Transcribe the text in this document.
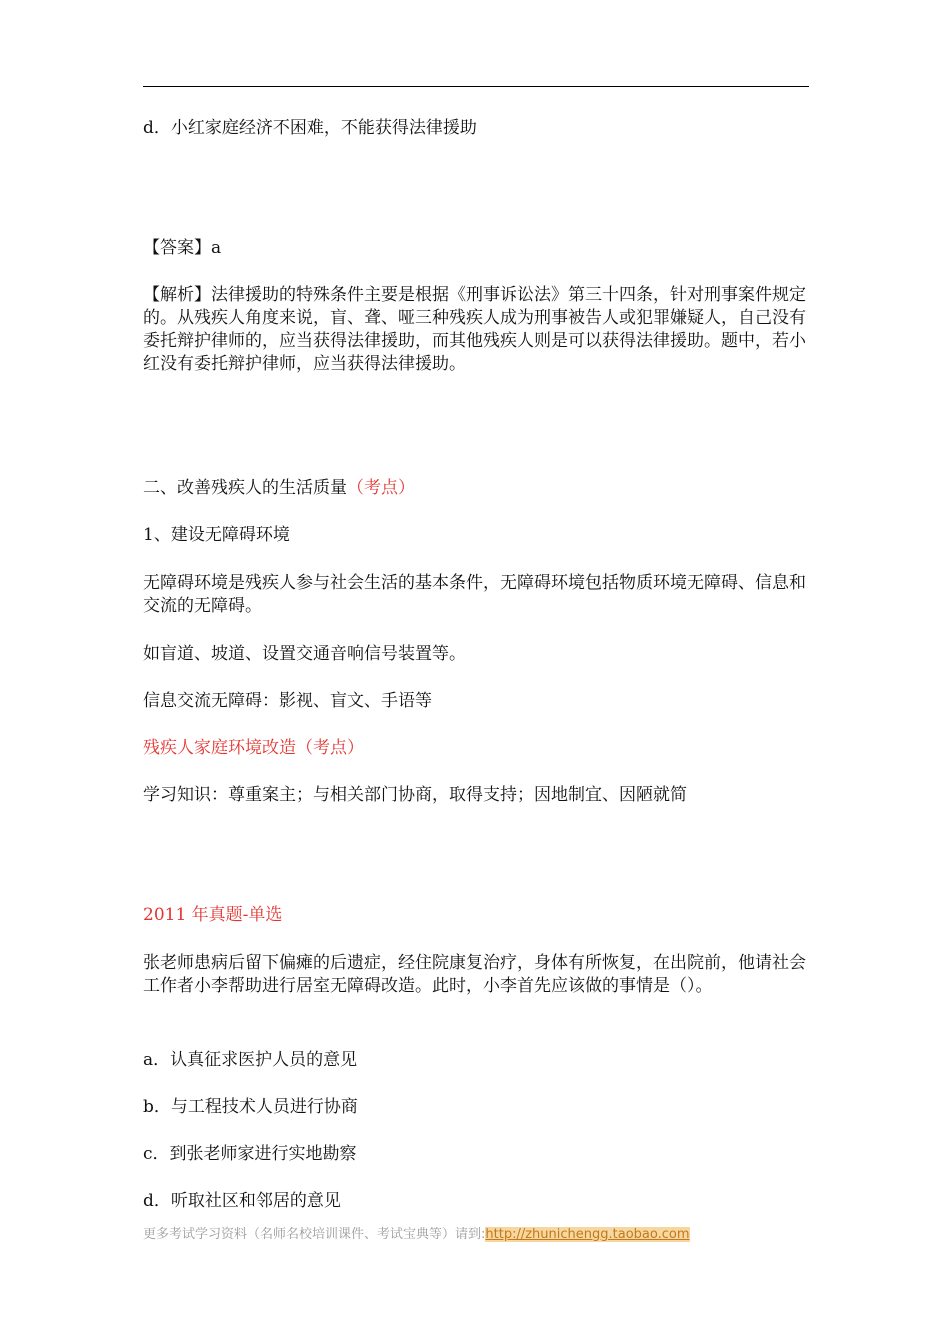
d．小红家庭经济不困难，不能获得法律援助
【答案】a
【解析】法律援助的特殊条件主要是根据《刑事诉讼法》第三十四条，针对刑事案件规定的。从残疾人角度来说，盲、聋、哑三种残疾人成为刑事被告人或犯罪嫌疑人，自己没有委托辩护律师的，应当获得法律援助，而其他残疾人则是可以获得法律援助。题中，若小红没有委托辩护律师，应当获得法律援助。
二、改善残疾人的生活质量（考点）
1、建设无障碍环境
无障碍环境是残疾人参与社会生活的基本条件，无障碍环境包括物质环境无障碍、信息和交流的无障碍。
如盲道、坡道、设置交通音响信号装置等。
信息交流无障碍：影视、盲文、手语等
残疾人家庭环境改造（考点）
学习知识：尊重案主；与相关部门协商，取得支持；因地制宜、因陋就简
2011 年真题-单选
张老师患病后留下偏瘫的后遗症，经住院康复治疗，身体有所恢复，在出院前，他请社会工作者小李帮助进行居室无障碍改造。此时，小李首先应该做的事情是（）。
a．认真征求医护人员的意见
b．与工程技术人员进行协商
c．到张老师家进行实地勘察
d．听取社区和邻居的意见
更多考试学习资料（名师名校培训课件、考试宝典等）请到:http://zhunichengg.taobao.com
